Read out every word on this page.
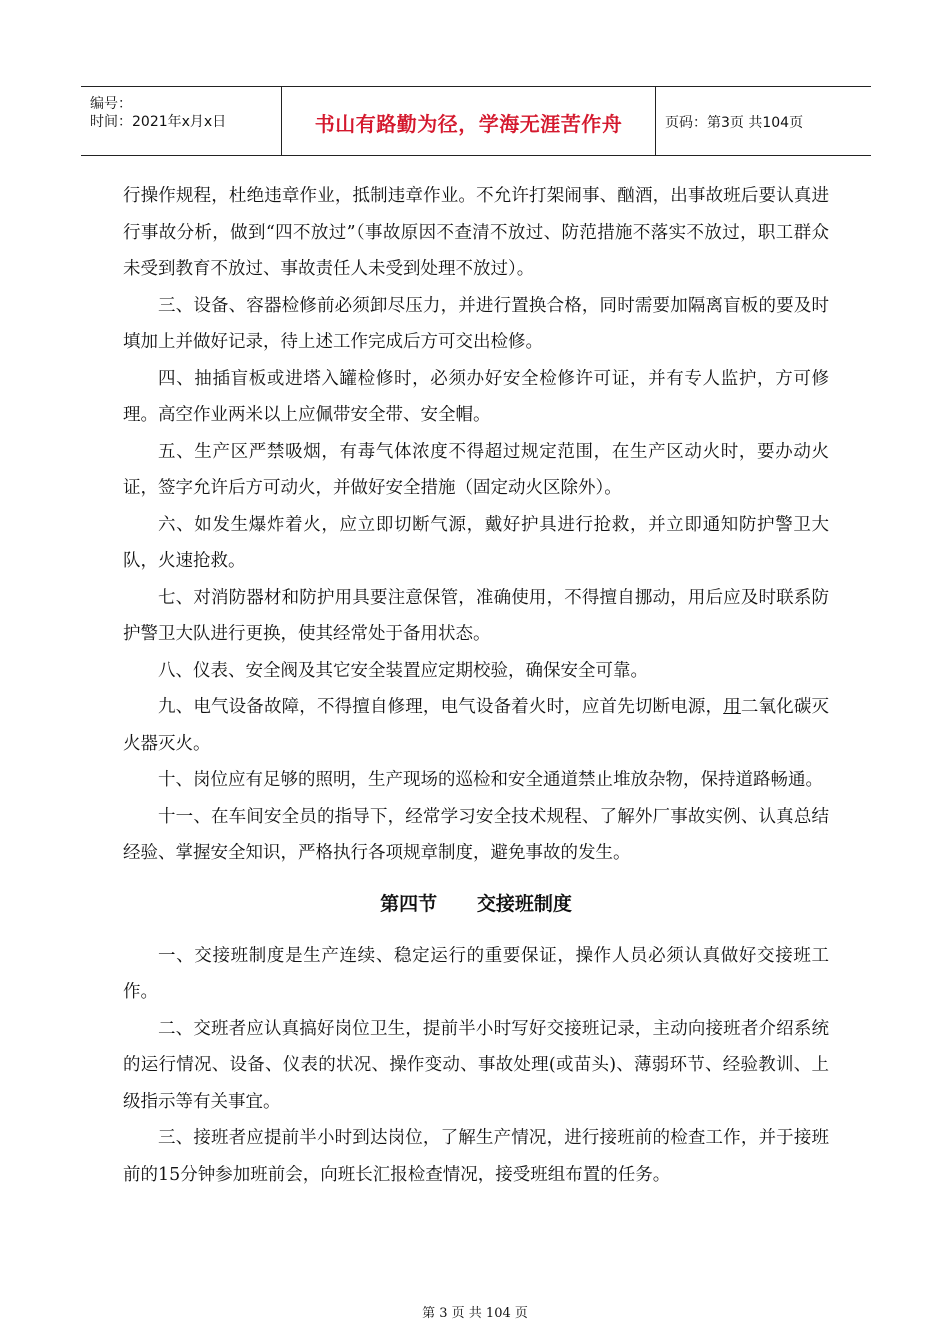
编号：
时间：2021年x月x日	书山有路勤为径，学海无涯苦作舟	页码：第3页 共104页

行操作规程，杜绝违章作业，抵制违章作业。不允许打架闹事、酗酒，出事故班后要认真进行事故分析，做到“四不放过”（事故原因不查清不放过、防范措施不落实不放过，职工群众未受到教育不放过、事故责任人未受到处理不放过）。

三、设备、容器检修前必须卸尽压力，并进行置换合格，同时需要加隔离盲板的要及时填加上并做好记录，待上述工作完成后方可交出检修。

四、抽插盲板或进塔入罐检修时，必须办好安全检修许可证，并有专人监护，方可修理。高空作业两米以上应佩带安全带、安全帽。

五、生产区严禁吸烟，有毒气体浓度不得超过规定范围，在生产区动火时，要办动火证，签字允许后方可动火，并做好安全措施（固定动火区除外）。

六、如发生爆炸着火，应立即切断气源，戴好护具进行抢救，并立即通知防护警卫大队，火速抢救。

七、对消防器材和防护用具要注意保管，准确使用，不得擅自挪动，用后应及时联系防护警卫大队进行更换，使其经常处于备用状态。

八、仪表、安全阀及其它安全装置应定期校验，确保安全可靠。

九、电气设备故障，不得擅自修理，电气设备着火时，应首先切断电源，用二氧化碳灭火器灭火。

十、岗位应有足够的照明，生产现场的巡检和安全通道禁止堆放杂物，保持道路畅通。

十一、在车间安全员的指导下，经常学习安全技术规程、了解外厂事故实例、认真总结经验、掌握安全知识，严格执行各项规章制度，避免事故的发生。

第四节      交接班制度

一、交接班制度是生产连续、稳定运行的重要保证，操作人员必须认真做好交接班工作。

二、交班者应认真搞好岗位卫生，提前半小时写好交接班记录，主动向接班者介绍系统的运行情况、设备、仪表的状况、操作变动、事故处理(或苗头)、薄弱环节、经验教训、上级指示等有关事宜。

三、接班者应提前半小时到达岗位，了解生产情况，进行接班前的检查工作，并于接班前的15分钟参加班前会，向班长汇报检查情况，接受班组布置的任务。

第 3 页 共 104 页
